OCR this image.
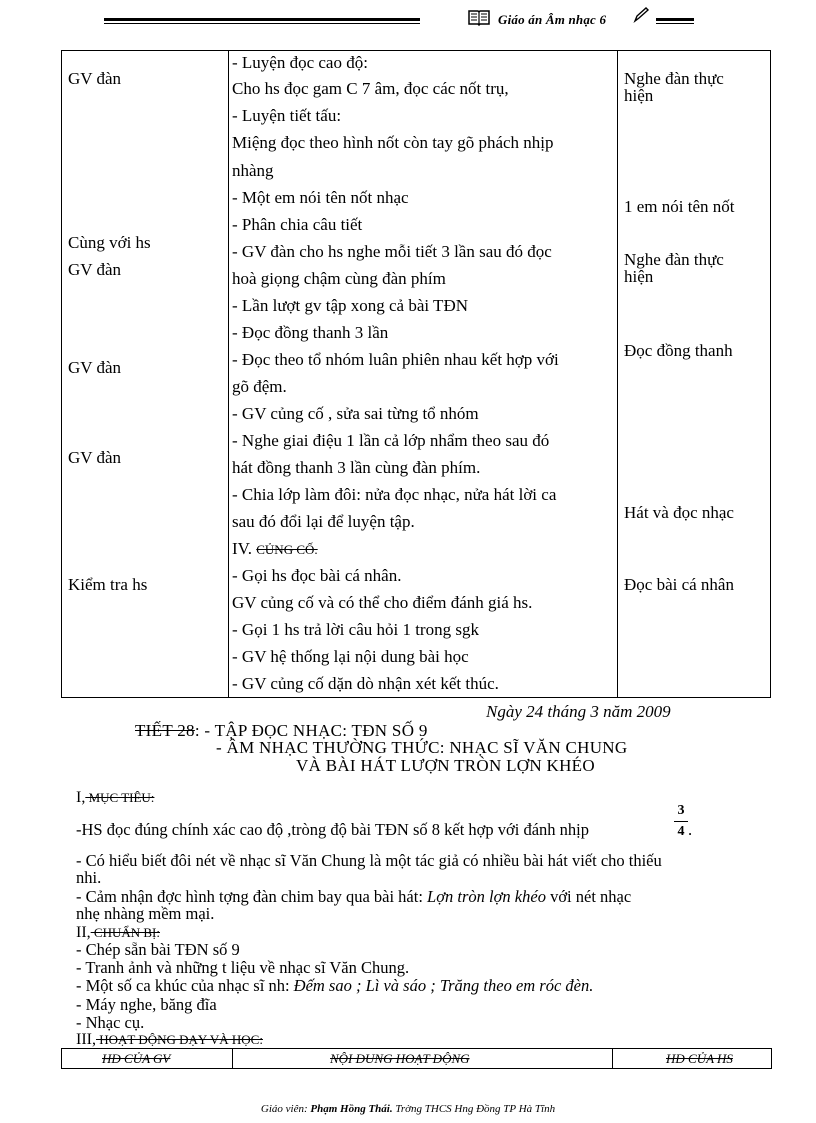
Giáo án Âm nhạc 6
GV đàn
Cùng với hs
GV đàn
GV đàn
GV đàn
Kiểm tra hs
- Luyện đọc cao độ:
Cho hs đọc gam C 7 âm, đọc các nốt trụ,
- Luyện tiết tấu:
Miệng đọc theo hình nốt còn tay gõ phách nhịp
nhàng
- Một em nói tên nốt nhạc
- Phân chia câu tiết
- GV đàn cho hs nghe mỗi tiết 3 lần sau đó đọc
hoà giọng chậm cùng đàn phím
- Lần lượt gv tập xong cả bài TĐN
- Đọc đồng thanh 3 lần
- Đọc theo tổ nhóm luân phiên nhau kết hợp với
gõ đệm.
- GV củng cố , sửa sai từng tổ nhóm
- Nghe giai điệu 1 lần cả lớp nhẩm theo sau đó
hát đồng thanh 3 lần cùng đàn phím.
- Chia lớp làm đôi: nửa đọc nhạc, nửa hát lời ca
sau đó đổi lại để luyện tập.
IV. CỦNG CỐ.
- Gọi hs đọc bài cá nhân.
GV củng cố và có thể cho điểm đánh giá hs.
- Gọi 1 hs trả lời câu hỏi 1 trong sgk
- GV hệ thống lại nội dung bài học
- GV củng cố dặn dò nhận xét kết thúc.
Nghe đàn thực
hiện
1 em nói tên nốt
Nghe đàn thực
hiện
Đọc đồng thanh
Hát và đọc nhạc
Đọc bài cá nhân
Ngày 24 tháng 3 năm 2009
TIẾT 28: - TẬP ĐỌC NHẠC: TĐN SỐ 9
- ÂM NHẠC THƯỜNG THỨC: NHẠC SĨ VĂN CHUNG
VÀ BÀI HÁT LƯỢN TRÒN LỢN KHÉO
I, MỤC TIÊU:
-HS đọc đúng chính xác cao độ ,tròng độ bài TĐN số 8 kết hợp với đánh nhịp
3
4 .
- Có hiểu biết đôi nét về nhạc sĩ Văn Chung là một tác giả có nhiều bài hát viết cho thiếu
nhi.
- Cảm nhận đợc hình tợng đàn chim bay qua bài hát: Lợn tròn lợn khéo với nét nhạc
nhẹ nhàng mềm mại.
II, CHUẨN BỊ:
- Chép sẵn bài TĐN số 9
- Tranh ảnh và những t liệu về nhạc sĩ Văn Chung.
- Một số ca khúc của nhạc sĩ nh: Đếm sao ; Lì và sáo ; Trăng theo em róc đèn.
- Máy nghe, băng đĩa
- Nhạc cụ.
III, HOẠT ĐỘNG DẠY VÀ HỌC:
HĐ CỦA GV	NỘI DUNG HOẠT ĐỘNG	HĐ CỦA HS
Giáo viên: Phạm Hồng Thái. Trờng THCS Hng Đồng TP Hà Tĩnh
